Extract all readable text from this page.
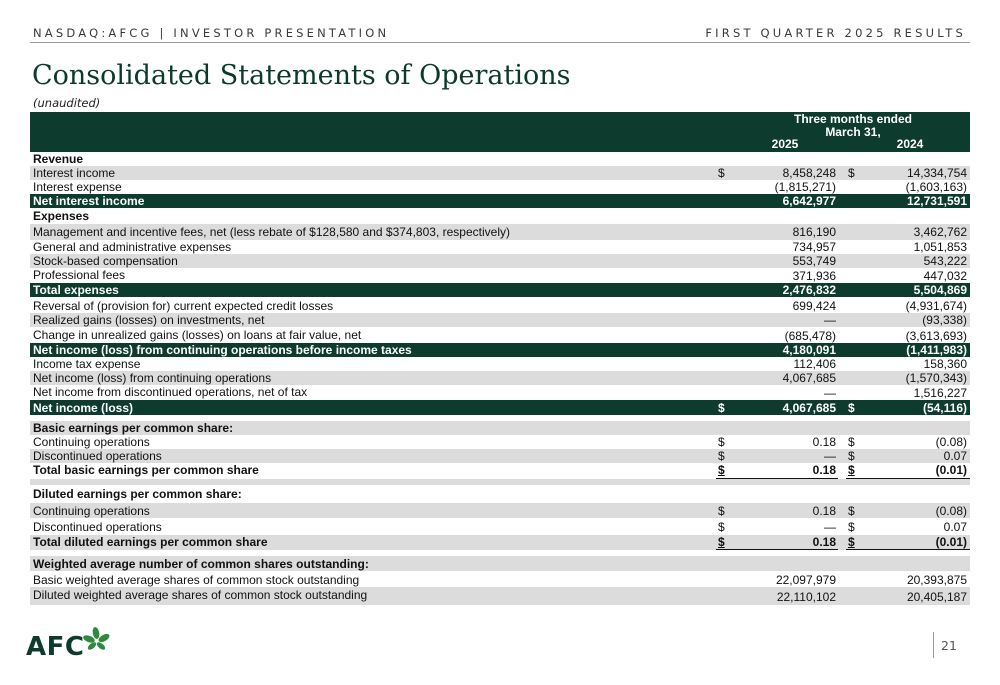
NASDAQ:AFCG | INVESTOR PRESENTATION	FIRST QUARTER 2025 RESULTS
Consolidated Statements of Operations
(unaudited)
Three months ended
March 31,
2025	2024
Revenue
Interest income	$	8,458,248 $	14,334,754
Interest expense	(1,815,271)	(1,603,163)
Net interest income	6,642,977	12,731,591
Expenses
Management and incentive fees, net (less rebate of $128,580 and $374,803, respectively)	816,190	3,462,762
General and administrative expenses	734,957	1,051,853
Stock-based compensation	553,749	543,222
Professional fees	371,936	447,032
Total expenses	2,476,832	5,504,869
Reversal of (provision for) current expected credit losses	699,424	(4,931,674)
Realized gains (losses) on investments, net	—	(93,338)
Change in unrealized gains (losses) on loans at fair value, net	(685,478)	(3,613,693)
Net income (loss) from continuing operations before income taxes	4,180,091	(1,411,983)
Income tax expense	112,406	158,360
Net income (loss) from continuing operations	4,067,685	(1,570,343)
Net income from discontinued operations, net of tax	—	1,516,227
Net income (loss)	$	4,067,685 $	(54,116)
Basic earnings per common share:
Continuing operations	$	0.18 $	(0.08)
Discontinued operations	$	— $	0.07
Total basic earnings per common share	$	0.18 $	(0.01)
Diluted earnings per common share:
Continuing operations	$	0.18 $	(0.08)
Discontinued operations	$	— $	0.07
Total diluted earnings per common share	$	0.18 $	(0.01)
Weighted average number of common shares outstanding:
Basic weighted average shares of common stock outstanding	22,097,979	20,393,875
Diluted weighted average shares of common stock outstanding	22,110,102	20,405,187
AFC	21
